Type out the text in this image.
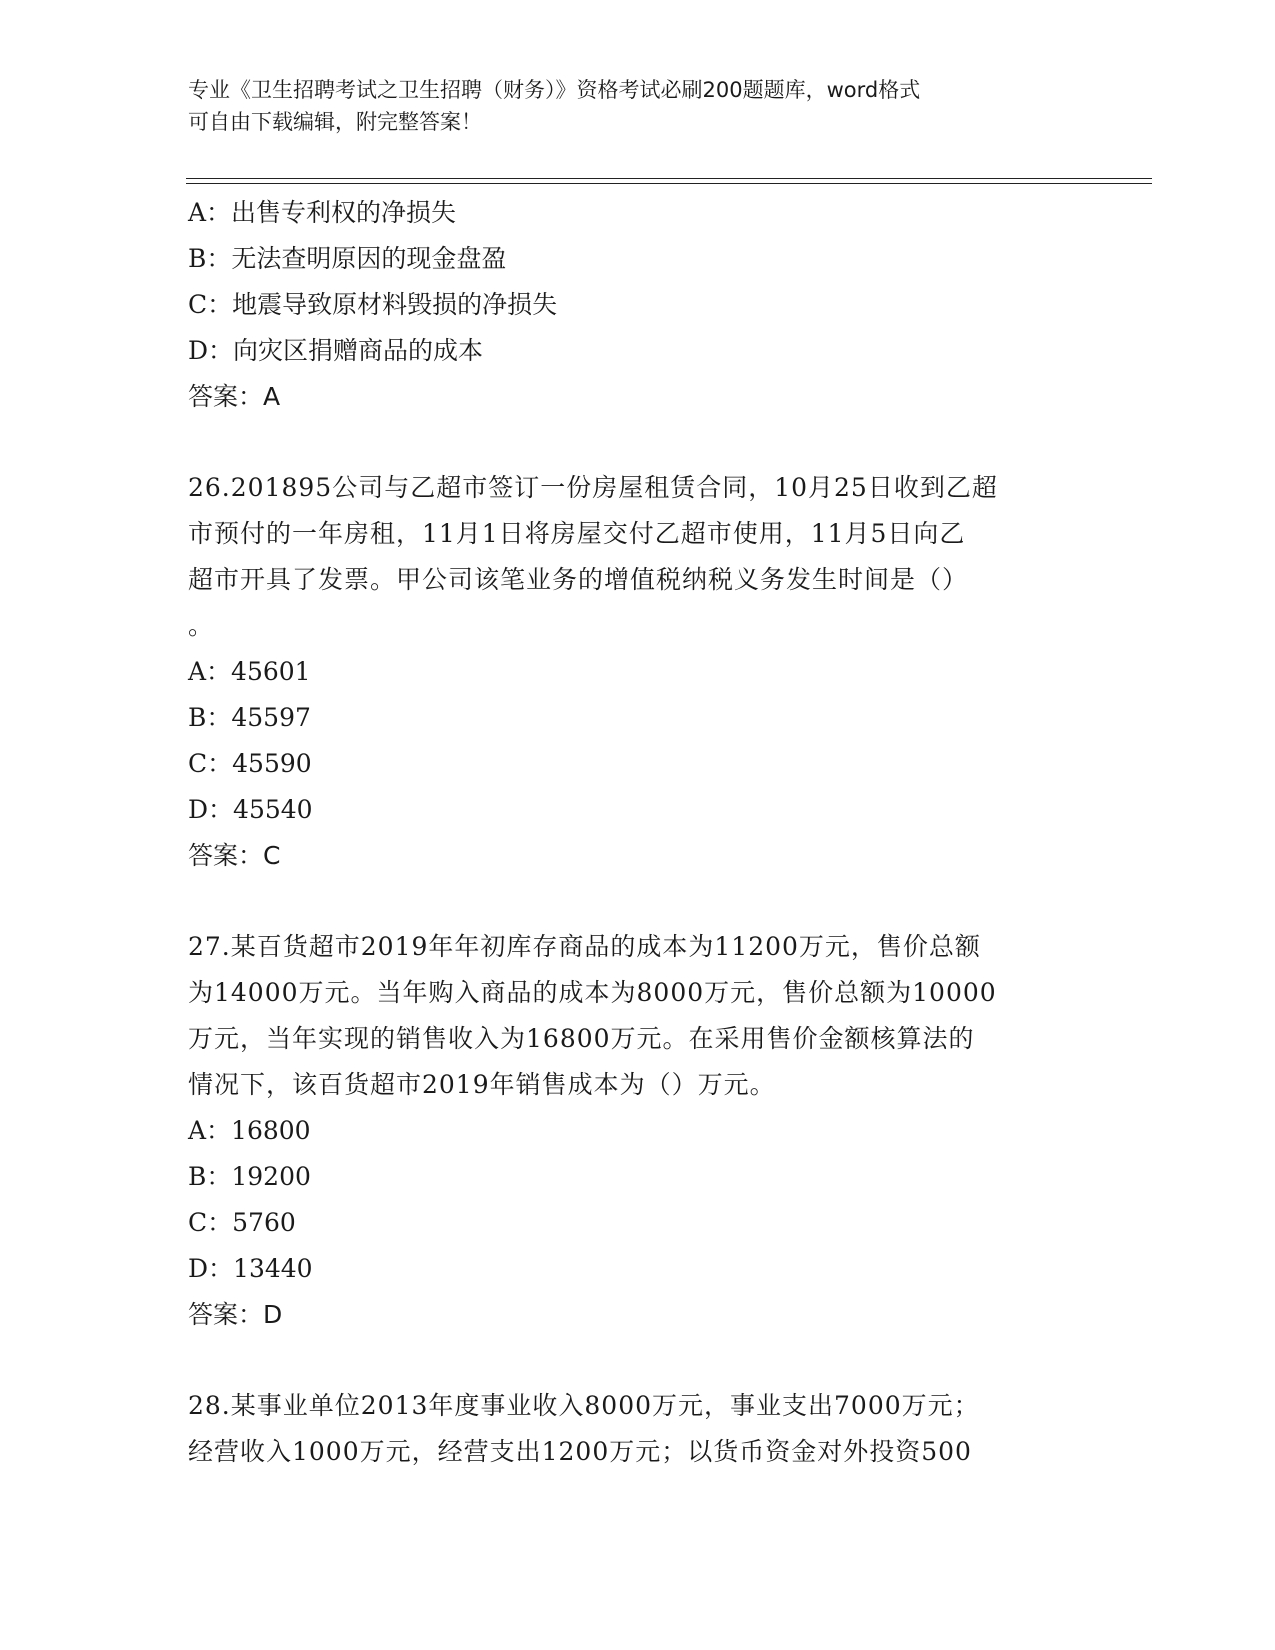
专业《卫生招聘考试之卫生招聘（财务）》资格考试必刷200题题库，word格式
可自由下载编辑，附完整答案！
A：出售专利权的净损失
B：无法查明原因的现金盘盈
C：地震导致原材料毁损的净损失
D：向灾区捐赠商品的成本
答案：A
26.201895公司与乙超市签订一份房屋租赁合同，10月25日收到乙超
市预付的一年房租，11月1日将房屋交付乙超市使用，11月5日向乙
超市开具了发票。甲公司该笔业务的增值税纳税义务发生时间是（）
。
A：45601
B：45597
C：45590
D：45540
答案：C
27.某百货超市2019年年初库存商品的成本为11200万元，售价总额
为14000万元。当年购入商品的成本为8000万元，售价总额为10000
万元，当年实现的销售收入为16800万元。在采用售价金额核算法的
情况下，该百货超市2019年销售成本为（）万元。
A：16800
B：19200
C：5760
D：13440
答案：D
28.某事业单位2013年度事业收入8000万元，事业支出7000万元；
经营收入1000万元，经营支出1200万元；以货币资金对外投资500
